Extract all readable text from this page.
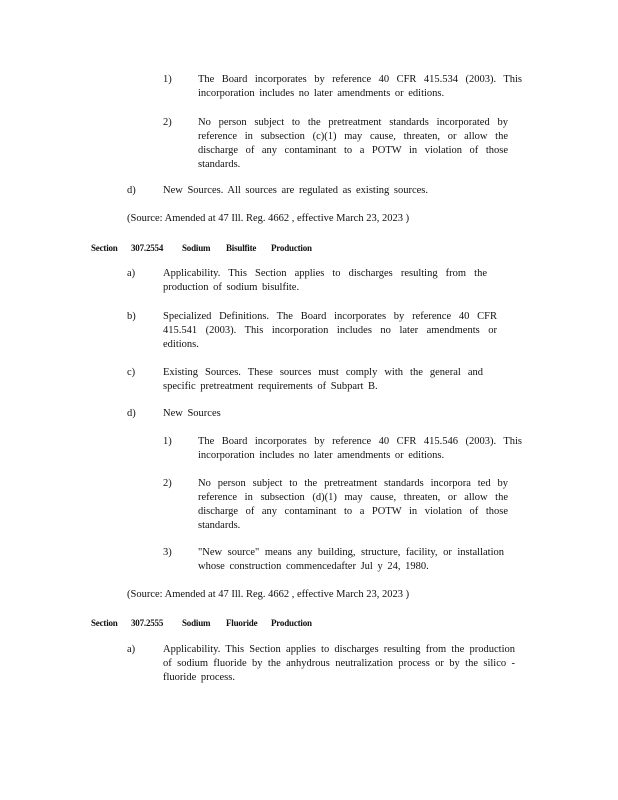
1)	The Board incorporates by reference 40 CFR 415.534 (2003). This incorporation includes no later amendments or editions.
2)	No person subject to the pretreatment standards incorporated by reference in subsection (c)(1) may cause, threaten, or allow the discharge of any contaminant to a POTW in violation of those standards.
d)	New Sources. All sources are regulated as existing sources.
(Source: Amended at 47 Ill. Reg. 4662 , effective March 23, 2023 )
Section 307.2554 Sodium Bisulfite Production
a)	Applicability. This Section applies to discharges resulting from the production of sodium bisulfite.
b)	Specialized Definitions. The Board incorporates by reference 40 CFR 415.541 (2003). This incorporation includes no later amendments or editions.
c)	Existing Sources. These sources must comply with the general and specific pretreatment requirements of Subpart B.
d)	New Sources
1)	The Board incorporates by reference 40 CFR 415.546 (2003). This incorporation includes no later amendments or editions.
2)	No person subject to the pretreatment standards incorpora ted by reference in subsection (d)(1) may cause, threaten, or allow the discharge of any contaminant to a POTW in violation of those standards.
3)	"New source" means any building, structure, facility, or installation whose construction commencedafter Jul y 24, 1980.
(Source: Amended at 47 Ill. Reg. 4662 , effective March 23, 2023 )
Section 307.2555 Sodium Fluoride Production
a)	Applicability. This Section applies to discharges resulting from the production of sodium fluoride by the anhydrous neutralization process or by the silico -fluoride process.
